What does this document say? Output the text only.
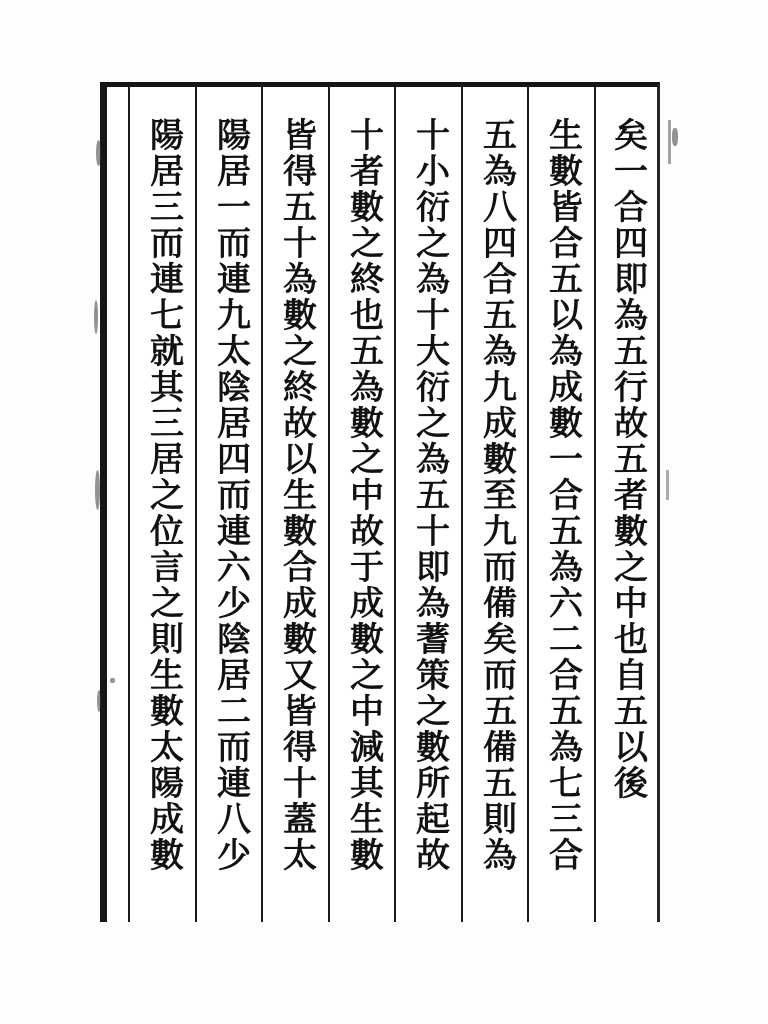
矣一合四即為五行故五者數之中也自五以後
生數皆合五以為成數一合五為六二合五為七三合
五為八四合五為九成數至九而備矣而五備五則為
十小衍之為十大衍之為五十即為蓍策之數所起故
十者數之終也五為數之中故于成數之中減其生數
皆得五十為數之終故以生數合成數又皆得十蓋太
陽居一而連九太陰居四而連六少陰居二而連八少
陽居三而連七就其三居之位言之則生數太陽成數
